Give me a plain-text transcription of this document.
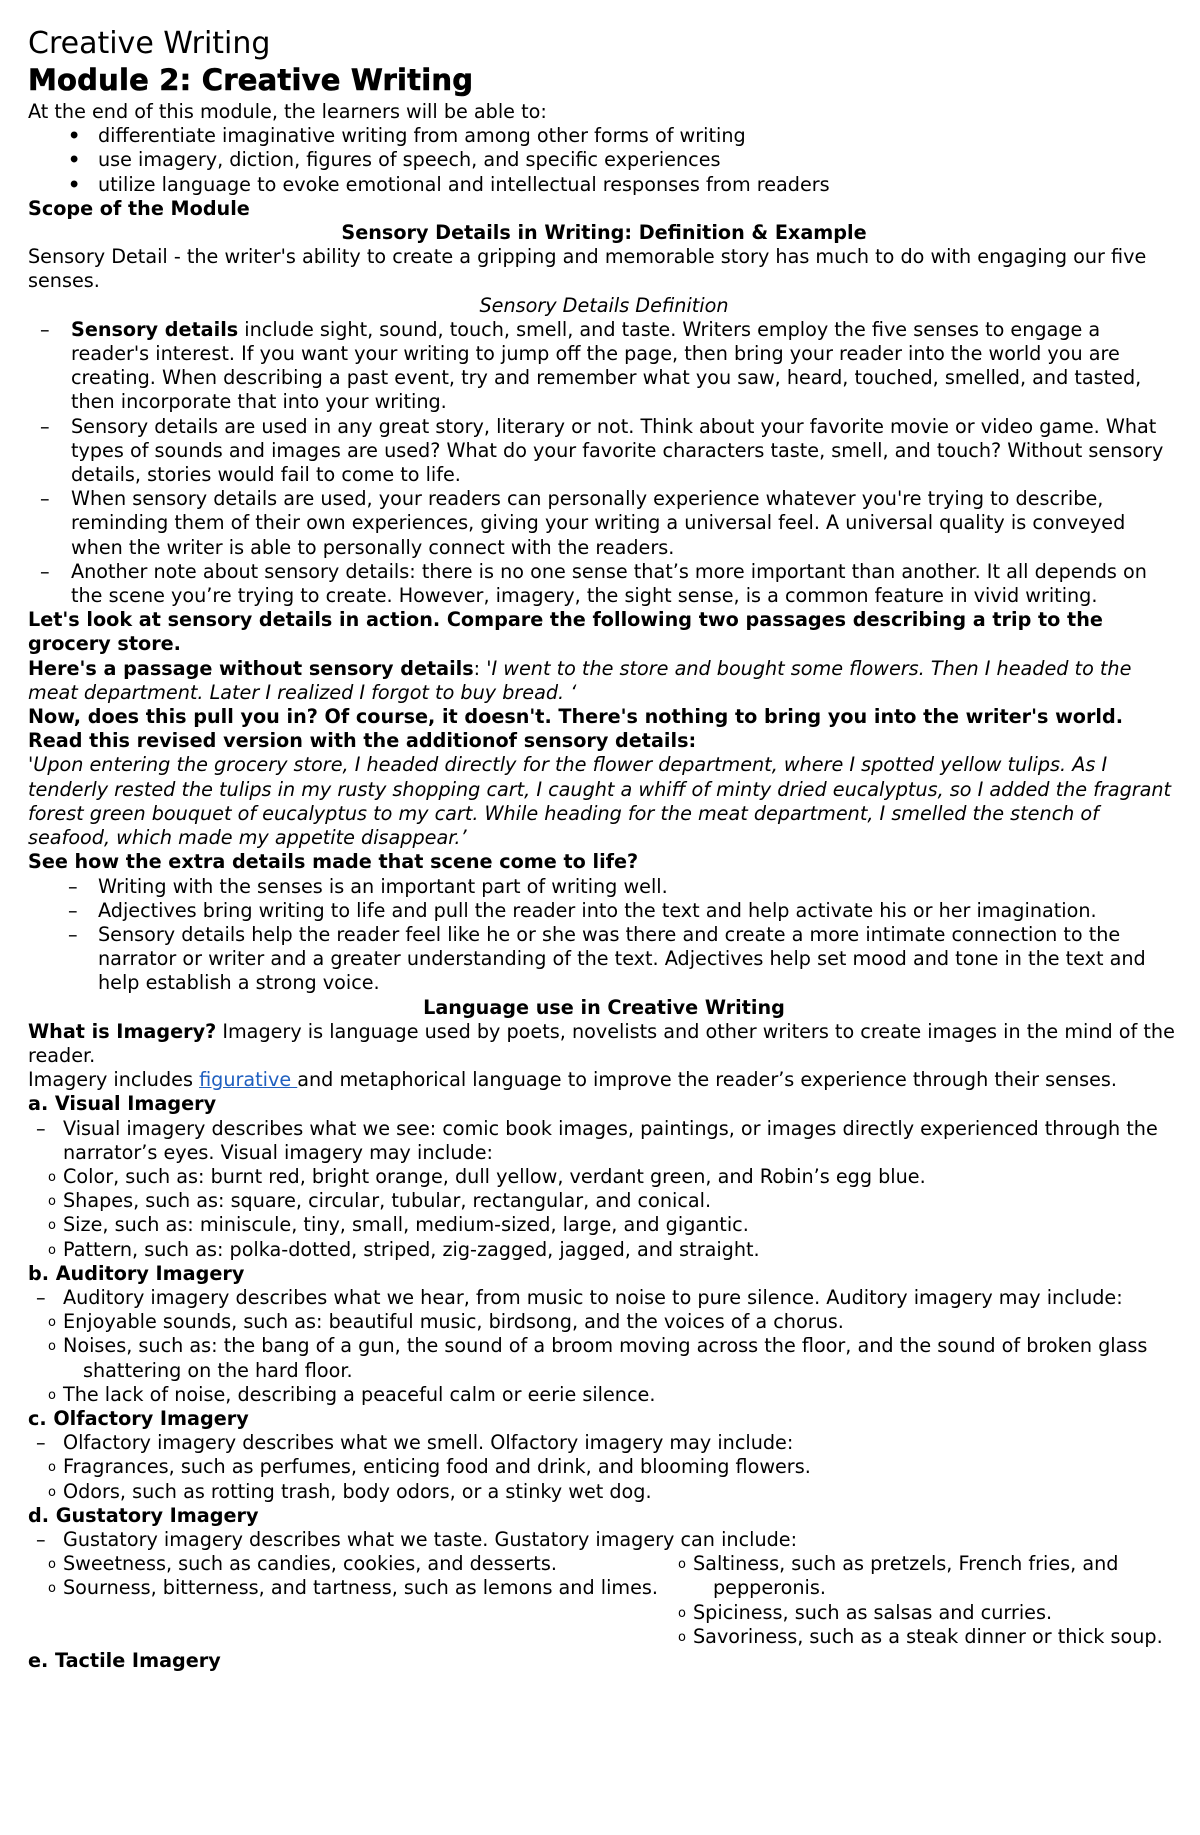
Creative Writing
Module 2: Creative Writing

At the end of this module, the learners will be able to:

• differentiate imaginative writing from among other forms of writing
• use imagery, diction, figures of speech, and specific experiences
• utilize language to evoke emotional and intellectual responses from readers

Scope of the Module

Sensory Details in Writing: Definition & Example

Sensory Detail - the writer's ability to create a gripping and memorable story has much to do with engaging our five senses.

Sensory Details Definition

– Sensory details include sight, sound, touch, smell, and taste. Writers employ the five senses to engage a reader's interest. If you want your writing to jump off the page, then bring your reader into the world you are creating. When describing a past event, try and remember what you saw, heard, touched, smelled, and tasted, then incorporate that into your writing.
– Sensory details are used in any great story, literary or not. Think about your favorite movie or video game. What types of sounds and images are used? What do your favorite characters taste, smell, and touch? Without sensory details, stories would fail to come to life.
– When sensory details are used, your readers can personally experience whatever you're trying to describe, reminding them of their own experiences, giving your writing a universal feel. A universal quality is conveyed when the writer is able to personally connect with the readers.
– Another note about sensory details: there is no one sense that’s more important than another. It all depends on the scene you’re trying to create. However, imagery, the sight sense, is a common feature in vivid writing.

Let's look at sensory details in action. Compare the following two passages describing a trip to the grocery store.

Here's a passage without sensory details: 'I went to the store and bought some flowers. Then I headed to the meat department. Later I realized I forgot to buy bread. ‘

Now, does this pull you in? Of course, it doesn't. There's nothing to bring you into the writer's world.

Read this revised version with the additionof sensory details:

'Upon entering the grocery store, I headed directly for the flower department, where I spotted yellow tulips. As I tenderly rested the tulips in my rusty shopping cart, I caught a whiff of minty dried eucalyptus, so I added the fragrant forest green bouquet of eucalyptus to my cart. While heading for the meat department, I smelled the stench of seafood, which made my appetite disappear.’

See how the extra details made that scene come to life?

– Writing with the senses is an important part of writing well.
– Adjectives bring writing to life and pull the reader into the text and help activate his or her imagination.
– Sensory details help the reader feel like he or she was there and create a more intimate connection to the narrator or writer and a greater understanding of the text. Adjectives help set mood and tone in the text and help establish a strong voice.

Language use in Creative Writing

What is Imagery? Imagery is language used by poets, novelists and other writers to create images in the mind of the reader.

Imagery includes figurative and metaphorical language to improve the reader’s experience through their senses.

a. Visual Imagery

– Visual imagery describes what we see: comic book images, paintings, or images directly experienced through the narrator’s eyes. Visual imagery may include:
o Color, such as: burnt red, bright orange, dull yellow, verdant green, and Robin’s egg blue.
o Shapes, such as: square, circular, tubular, rectangular, and conical.
o Size, such as: miniscule, tiny, small, medium-sized, large, and gigantic.
o Pattern, such as: polka-dotted, striped, zig-zagged, jagged, and straight.

b. Auditory Imagery

– Auditory imagery describes what we hear, from music to noise to pure silence. Auditory imagery may include:
o Enjoyable sounds, such as: beautiful music, birdsong, and the voices of a chorus.
o Noises, such as: the bang of a gun, the sound of a broom moving across the floor, and the sound of broken glass shattering on the hard floor.
o The lack of noise, describing a peaceful calm or eerie silence.

c. Olfactory Imagery

– Olfactory imagery describes what we smell. Olfactory imagery may include:
o Fragrances, such as perfumes, enticing food and drink, and blooming flowers.
o Odors, such as rotting trash, body odors, or a stinky wet dog.

d. Gustatory Imagery

– Gustatory imagery describes what we taste. Gustatory imagery can include:
o Sweetness, such as candies, cookies, and desserts.
o Sourness, bitterness, and tartness, such as lemons and limes.
o Saltiness, such as pretzels, French fries, and pepperonis.
o Spiciness, such as salsas and curries.
o Savoriness, such as a steak dinner or thick soup.

e. Tactile Imagery
